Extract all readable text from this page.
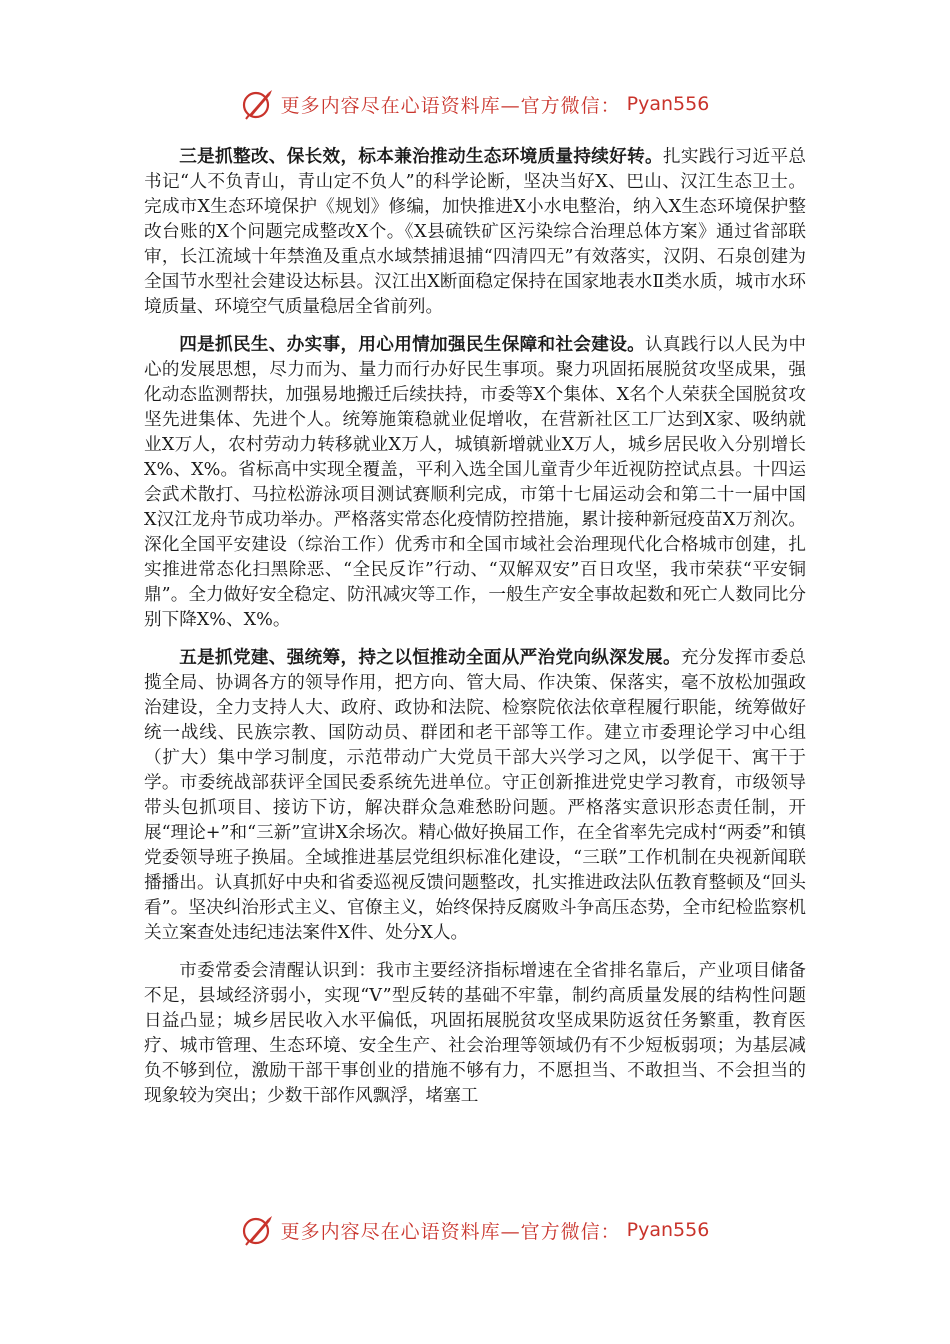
更多内容尽在心语资料库—官方微信： Pyan556

三是抓整改、保长效，标本兼治推动生态环境质量持续好转。扎实践行习近平总书记“人不负青山，青山定不负人”的科学论断，坚决当好X、巴山、汉江生态卫士。完成市X生态环境保护《规划》修编，加快推进X小水电整治，纳入X生态环境保护整改台账的X个问题完成整改X个。《X县硫铁矿区污染综合治理总体方案》通过省部联审，长江流域十年禁渔及重点水域禁捕退捕“四清四无”有效落实，汉阴、石泉创建为全国节水型社会建设达标县。汉江出X断面稳定保持在国家地表水Ⅱ类水质，城市水环境质量、环境空气质量稳居全省前列。

四是抓民生、办实事，用心用情加强民生保障和社会建设。认真践行以人民为中心的发展思想，尽力而为、量力而行办好民生事项。聚力巩固拓展脱贫攻坚成果，强化动态监测帮扶，加强易地搬迁后续扶持，市委等X个集体、X名个人荣获全国脱贫攻坚先进集体、先进个人。统筹施策稳就业促增收，在营新社区工厂达到X家、吸纳就业X万人，农村劳动力转移就业X万人，城镇新增就业X万人，城乡居民收入分别增长X%、X%。省标高中实现全覆盖，平利入选全国儿童青少年近视防控试点县。十四运会武术散打、马拉松游泳项目测试赛顺利完成，市第十七届运动会和第二十一届中国X汉江龙舟节成功举办。严格落实常态化疫情防控措施，累计接种新冠疫苗X万剂次。深化全国平安建设（综治工作）优秀市和全国市域社会治理现代化合格城市创建，扎实推进常态化扫黑除恶、“全民反诈”行动、“双解双安”百日攻坚，我市荣获“平安铜鼎”。全力做好安全稳定、防汛减灾等工作，一般生产安全事故起数和死亡人数同比分别下降X%、X%。

五是抓党建、强统筹，持之以恒推动全面从严治党向纵深发展。充分发挥市委总揽全局、协调各方的领导作用，把方向、管大局、作决策、保落实，毫不放松加强政治建设，全力支持人大、政府、政协和法院、检察院依法依章程履行职能，统筹做好统一战线、民族宗教、国防动员、群团和老干部等工作。建立市委理论学习中心组（扩大）集中学习制度，示范带动广大党员干部大兴学习之风，以学促干、寓干于学。市委统战部获评全国民委系统先进单位。守正创新推进党史学习教育，市级领导带头包抓项目、接访下访，解决群众急难愁盼问题。严格落实意识形态责任制，开展“理论+”和“三新”宣讲X余场次。精心做好换届工作，在全省率先完成村“两委”和镇党委领导班子换届。全域推进基层党组织标准化建设，“三联”工作机制在央视新闻联播播出。认真抓好中央和省委巡视反馈问题整改，扎实推进政法队伍教育整顿及“回头看”。坚决纠治形式主义、官僚主义，始终保持反腐败斗争高压态势，全市纪检监察机关立案查处违纪违法案件X件、处分X人。

市委常委会清醒认识到：我市主要经济指标增速在全省排名靠后，产业项目储备不足，县域经济弱小，实现“V”型反转的基础不牢靠，制约高质量发展的结构性问题日益凸显；城乡居民收入水平偏低，巩固拓展脱贫攻坚成果防返贫任务繁重，教育医疗、城市管理、生态环境、安全生产、社会治理等领域仍有不少短板弱项；为基层减负不够到位，激励干部干事创业的措施不够有力，不愿担当、不敢担当、不会担当的现象较为突出；少数干部作风飘浮，堵塞工

更多内容尽在心语资料库—官方微信： Pyan556
